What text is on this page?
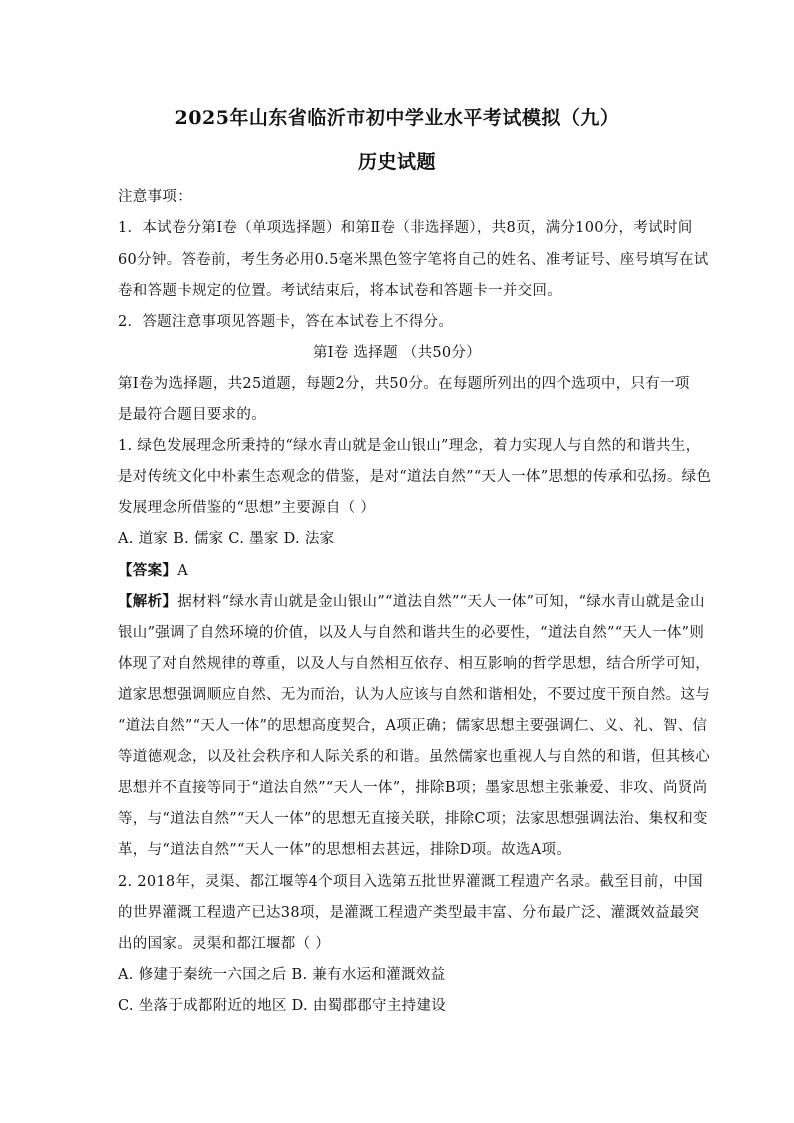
2025年山东省临沂市初中学业水平考试模拟（九）
历史试题
注意事项：
1．本试卷分第Ⅰ卷（单项选择题）和第Ⅱ卷（非选择题），共8页，满分100分，考试时间
60分钟。答卷前，考生务必用0.5毫米黑色签字笔将自己的姓名、准考证号、座号填写在试
卷和答题卡规定的位置。考试结束后，将本试卷和答题卡一并交回。
2．答题注意事项见答题卡，答在本试卷上不得分。
第Ⅰ卷 选择题 （共50分）
第Ⅰ卷为选择题，共25道题，每题2分，共50分。在每题所列出的四个选项中，只有一项
是最符合题目要求的。
1. 绿色发展理念所秉持的“绿水青山就是金山银山”理念，着力实现人与自然的和谐共生，
是对传统文化中朴素生态观念的借鉴，是对“道法自然”“天人一体”思想的传承和弘扬。绿色
发展理念所借鉴的“思想”主要源自（ ）
A. 道家 B. 儒家 C. 墨家 D. 法家
【答案】A
【解析】据材料“绿水青山就是金山银山”“道法自然”“天人一体”可知，“绿水青山就是金山
银山”强调了自然环境的价值，以及人与自然和谐共生的必要性，“道法自然”“天人一体”则
体现了对自然规律的尊重，以及人与自然相互依存、相互影响的哲学思想，结合所学可知，
道家思想强调顺应自然、无为而治，认为人应该与自然和谐相处，不要过度干预自然。这与
“道法自然”“天人一体”的思想高度契合，A项正确；儒家思想主要强调仁、义、礼、智、信
等道德观念，以及社会秩序和人际关系的和谐。虽然儒家也重视人与自然的和谐，但其核心
思想并不直接等同于“道法自然”“天人一体”，排除B项；墨家思想主张兼爱、非攻、尚贤尚
等，与“道法自然”“天人一体”的思想无直接关联，排除C项；法家思想强调法治、集权和变
革，与“道法自然”“天人一体”的思想相去甚远，排除D项。故选A项。
2. 2018年，灵渠、都江堰等4个项目入选第五批世界灌溉工程遗产名录。截至目前，中国
的世界灌溉工程遗产已达38项，是灌溉工程遗产类型最丰富、分布最广泛、灌溉效益最突
出的国家。灵渠和都江堰都（ ）
A. 修建于秦统一六国之后 B. 兼有水运和灌溉效益
C. 坐落于成都附近的地区 D. 由蜀郡郡守主持建设
